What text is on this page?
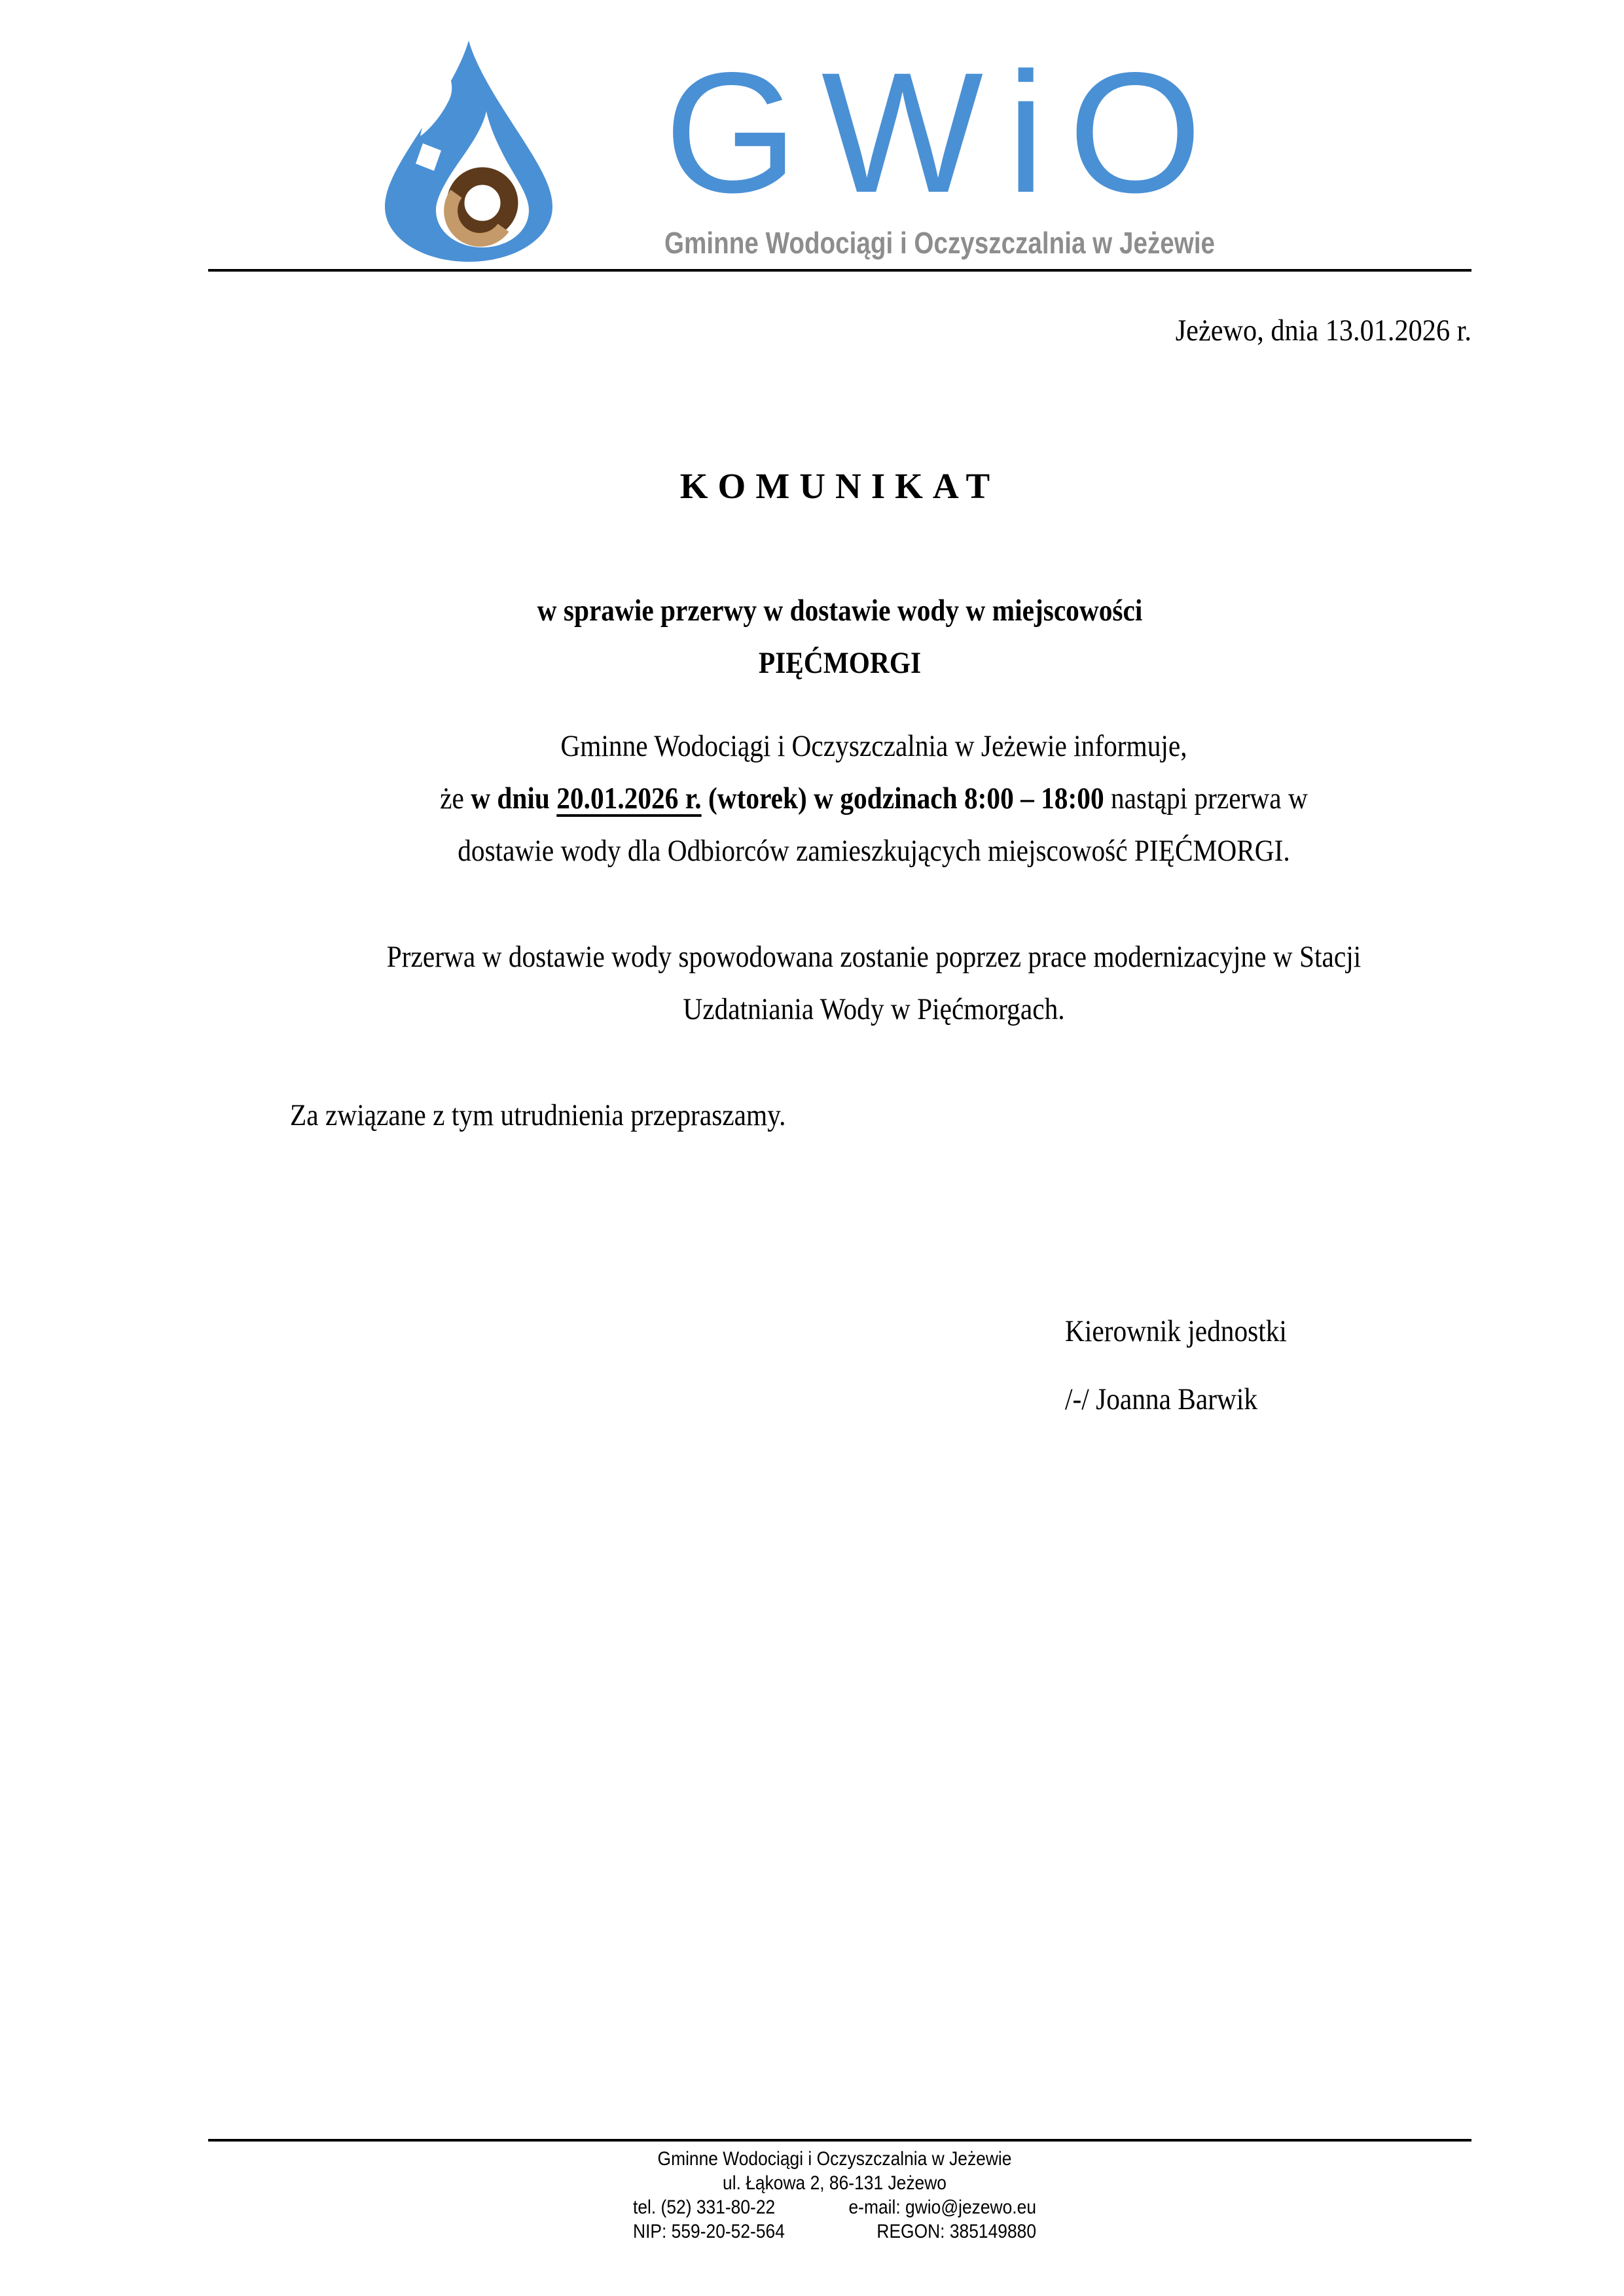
GWiO
Gminne Wodociągi i Oczyszczalnia w Jeżewie
Jeżewo, dnia 13.01.2026 r.
KOMUNIKAT
w sprawie przerwy w dostawie wody w miejscowości
PIĘĆMORGI
Gminne Wodociągi i Oczyszczalnia w Jeżewie informuje,
że w dniu 20.01.2026 r. (wtorek) w godzinach 8:00 – 18:00 nastąpi przerwa w
dostawie wody dla Odbiorców zamieszkujących miejscowość PIĘĆMORGI.
Przerwa w dostawie wody spowodowana zostanie poprzez prace modernizacyjne w Stacji
Uzdatniania Wody w Pięćmorgach.
Za związane z tym utrudnienia przepraszamy.
Kierownik jednostki
/-/ Joanna Barwik
Gminne Wodociągi i Oczyszczalnia w Jeżewie
ul. Łąkowa 2, 86-131 Jeżewo
tel. (52) 331-80-22	e-mail: gwio@jezewo.eu
NIP: 559-20-52-564	REGON: 385149880
